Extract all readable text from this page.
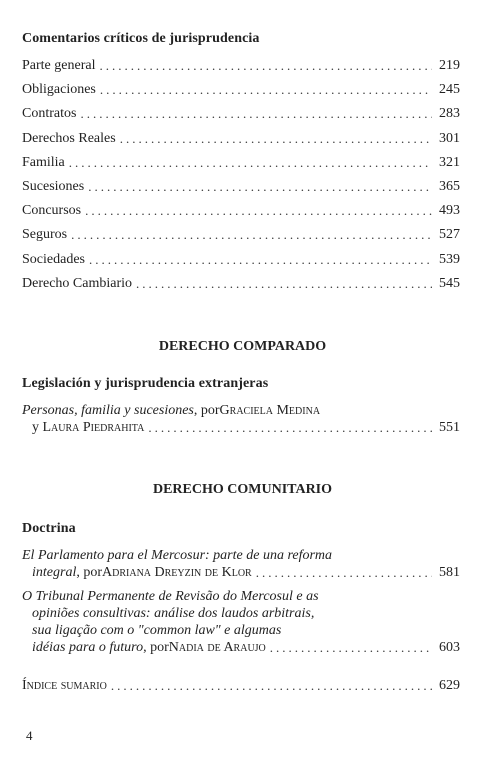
Comentarios críticos de jurisprudencia
Parte general .....	219
Obligaciones .....	245
Contratos .....	283
Derechos Reales .....	301
Familia .....	321
Sucesiones .....	365
Concursos .....	493
Seguros .....	527
Sociedades .....	539
Derecho Cambiario .....	545
DERECHO COMPARADO
Legislación y jurisprudencia extranjeras
Personas, familia y sucesiones , por Graciela Medina
y
Laura Piedrahita .....	551
DERECHO COMUNITARIO
Doctrina
El Parlamento para el Mercosur: parte de una reforma
integral , por Adriana Dreyzin de Klor .....	581
O Tribunal Permanente de Revisão do Mercosul e as
opiniões consultivas: análise dos laudos arbitrais,
sua ligação com o "common law" e algumas
idéias para o futuro , por Nadia de Araujo .....	603
Índice sumario .....	629
4
